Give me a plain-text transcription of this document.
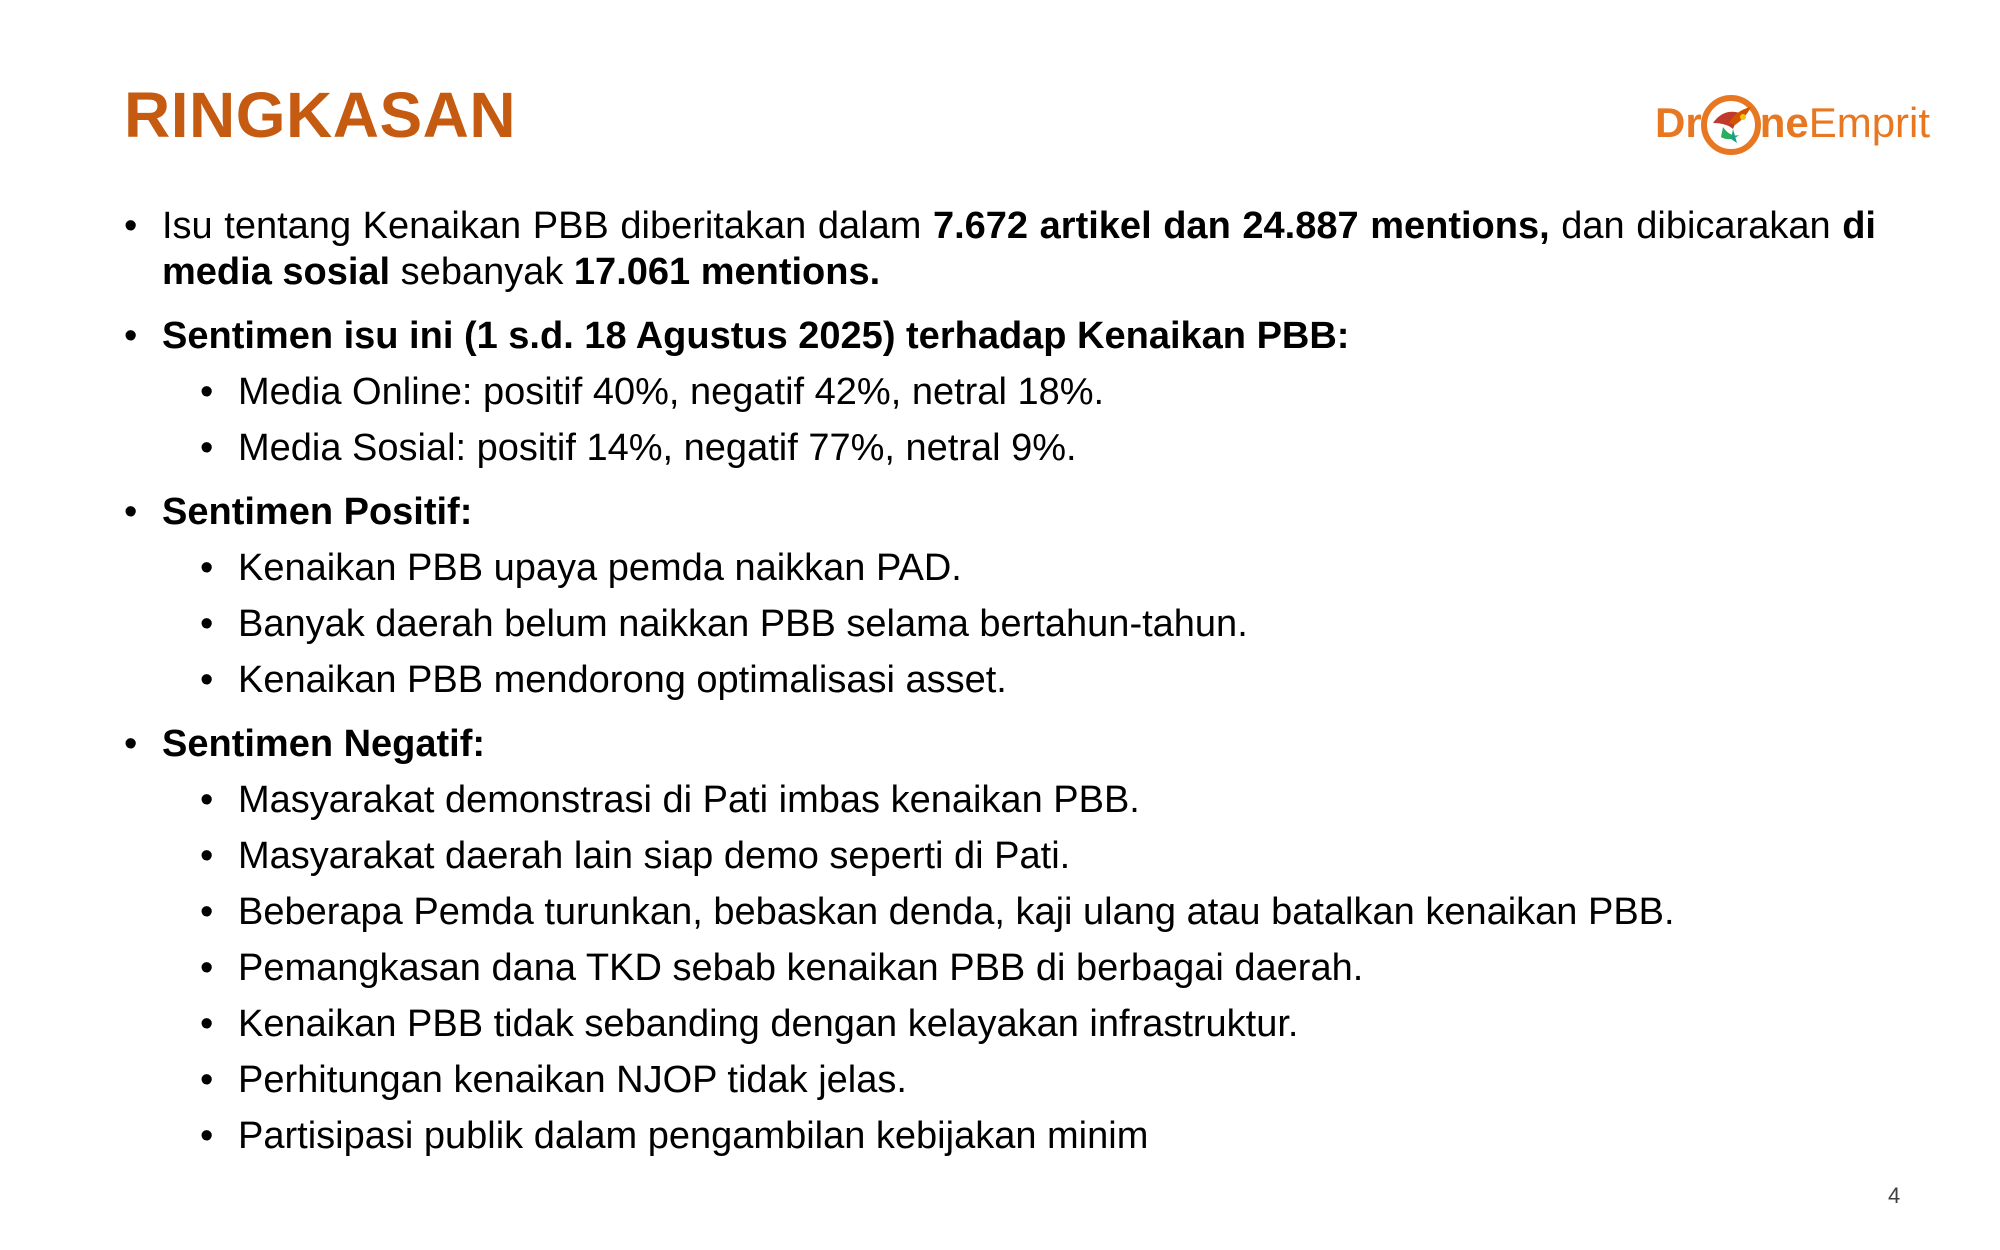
RINGKASAN	Dr ne Emprit
• Isu tentang Kenaikan PBB diberitakan dalam 7.672 artikel dan 24.887 mentions, dan dibicarakan di media sosial sebanyak 17.061 mentions.
• Sentimen isu ini (1 s.d. 18 Agustus 2025) terhadap Kenaikan PBB:
• Media Online: positif 40%, negatif 42%, netral 18%.
• Media Sosial: positif 14%, negatif 77%, netral 9%.
• Sentimen Positif:
• Kenaikan PBB upaya pemda naikkan PAD.
• Banyak daerah belum naikkan PBB selama bertahun-tahun.
• Kenaikan PBB mendorong optimalisasi asset.
• Sentimen Negatif:
• Masyarakat demonstrasi di Pati imbas kenaikan PBB.
• Masyarakat daerah lain siap demo seperti di Pati.
• Beberapa Pemda turunkan, bebaskan denda, kaji ulang atau batalkan kenaikan PBB.
• Pemangkasan dana TKD sebab kenaikan PBB di berbagai daerah.
• Kenaikan PBB tidak sebanding dengan kelayakan infrastruktur.
• Perhitungan kenaikan NJOP tidak jelas.
• Partisipasi publik dalam pengambilan kebijakan minim
4
